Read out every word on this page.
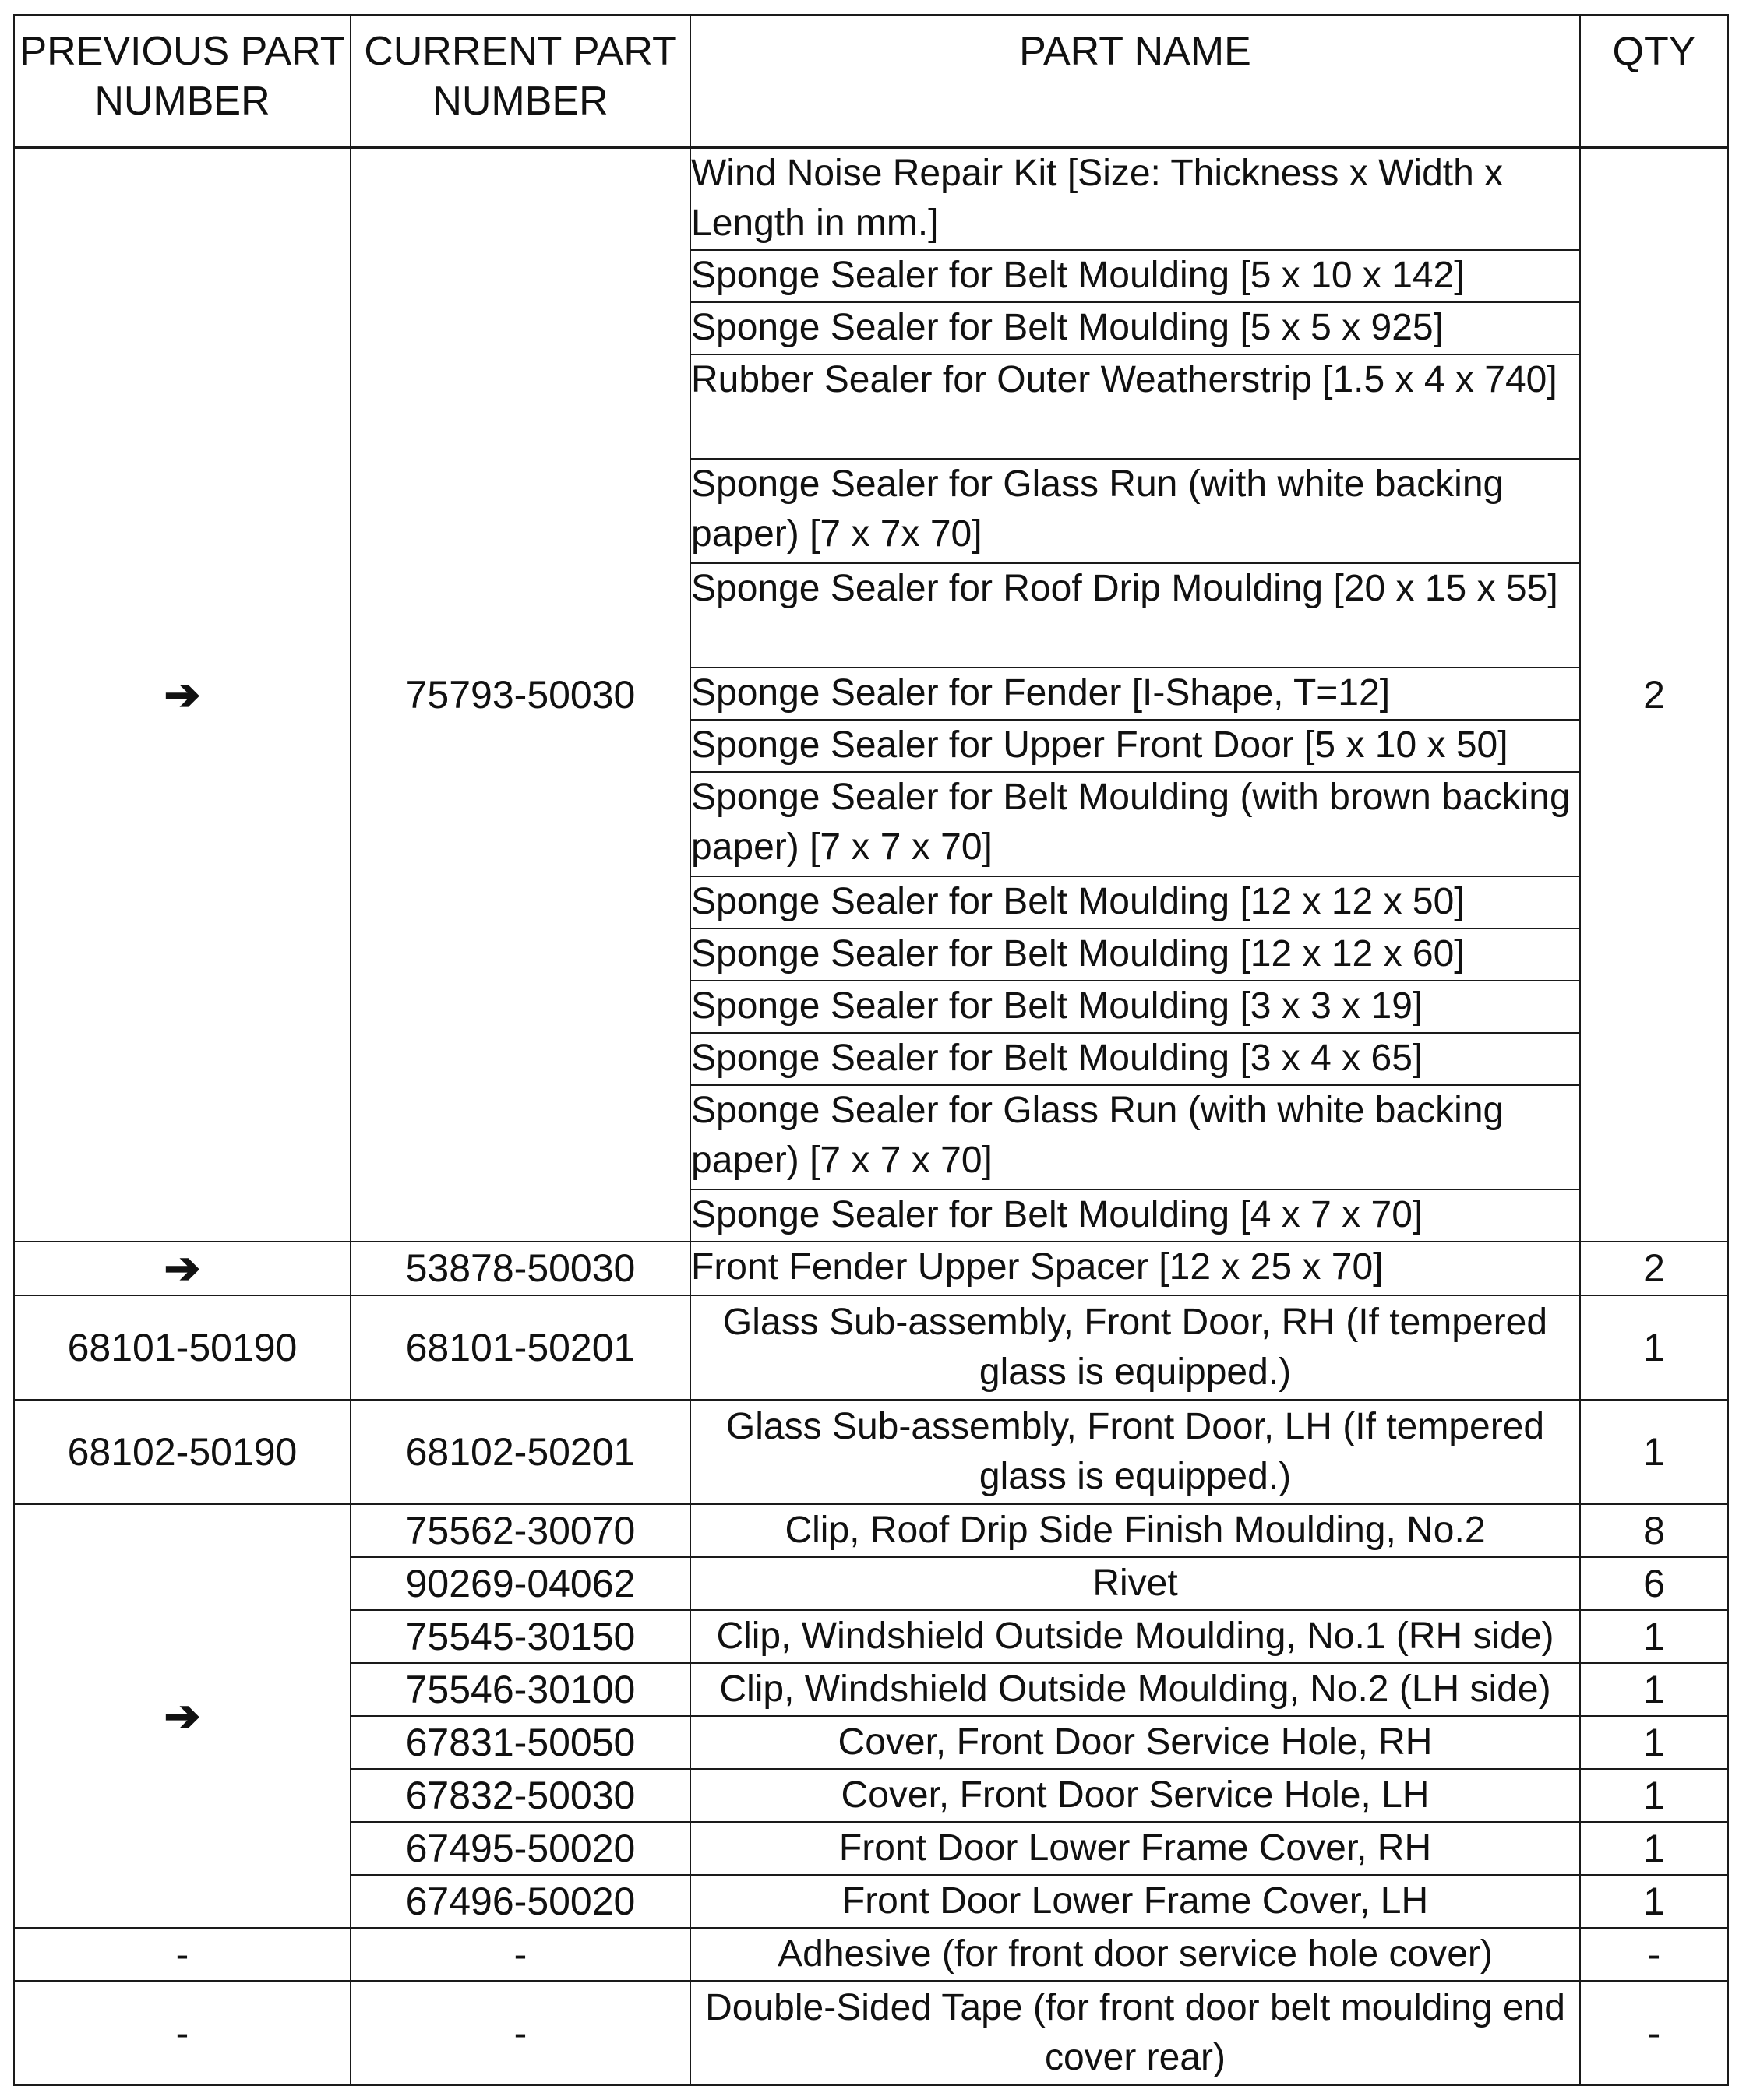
PREVIOUS PART NUMBER	CURRENT PART NUMBER	PART NAME	QTY
➔	75793-50030	Wind Noise Repair Kit [Size: Thickness x Width x Length in mm.]	2
		Sponge Sealer for Belt Moulding [5 x 10 x 142]	
		Sponge Sealer for Belt Moulding [5 x 5 x 925]	
		Rubber Sealer for Outer Weatherstrip [1.5 x 4 x 740]	
		Sponge Sealer for Glass Run (with white backing paper) [7 x 7x 70]	
		Sponge Sealer for Roof Drip Moulding [20 x 15 x 55]	
		Sponge Sealer for Fender [I-Shape, T=12]	
		Sponge Sealer for Upper Front Door [5 x 10 x 50]	
		Sponge Sealer for Belt Moulding (with brown backing paper) [7 x 7 x 70]	
		Sponge Sealer for Belt Moulding [12 x 12 x 50]	
		Sponge Sealer for Belt Moulding [12 x 12 x 60]	
		Sponge Sealer for Belt Moulding [3 x 3 x 19]	
		Sponge Sealer for Belt Moulding [3 x 4 x 65]	
		Sponge Sealer for Glass Run (with white backing paper) [7 x 7 x 70]	
		Sponge Sealer for Belt Moulding [4 x 7 x 70]	
➔	53878-50030	Front Fender Upper Spacer [12 x 25 x 70]	2
68101-50190	68101-50201	Glass Sub-assembly, Front Door, RH (If tempered glass is equipped.)	1
68102-50190	68102-50201	Glass Sub-assembly, Front Door, LH (If tempered glass is equipped.)	1
➔	75562-30070	Clip, Roof Drip Side Finish Moulding, No.2	8
	90269-04062	Rivet	6
	75545-30150	Clip, Windshield Outside Moulding, No.1 (RH side)	1
	75546-30100	Clip, Windshield Outside Moulding, No.2 (LH side)	1
	67831-50050	Cover, Front Door Service Hole, RH	1
	67832-50030	Cover, Front Door Service Hole, LH	1
	67495-50020	Front Door Lower Frame Cover, RH	1
	67496-50020	Front Door Lower Frame Cover, LH	1
-	-	Adhesive (for front door service hole cover)	-
-	-	Double-Sided Tape (for front door belt moulding end cover rear)	-
